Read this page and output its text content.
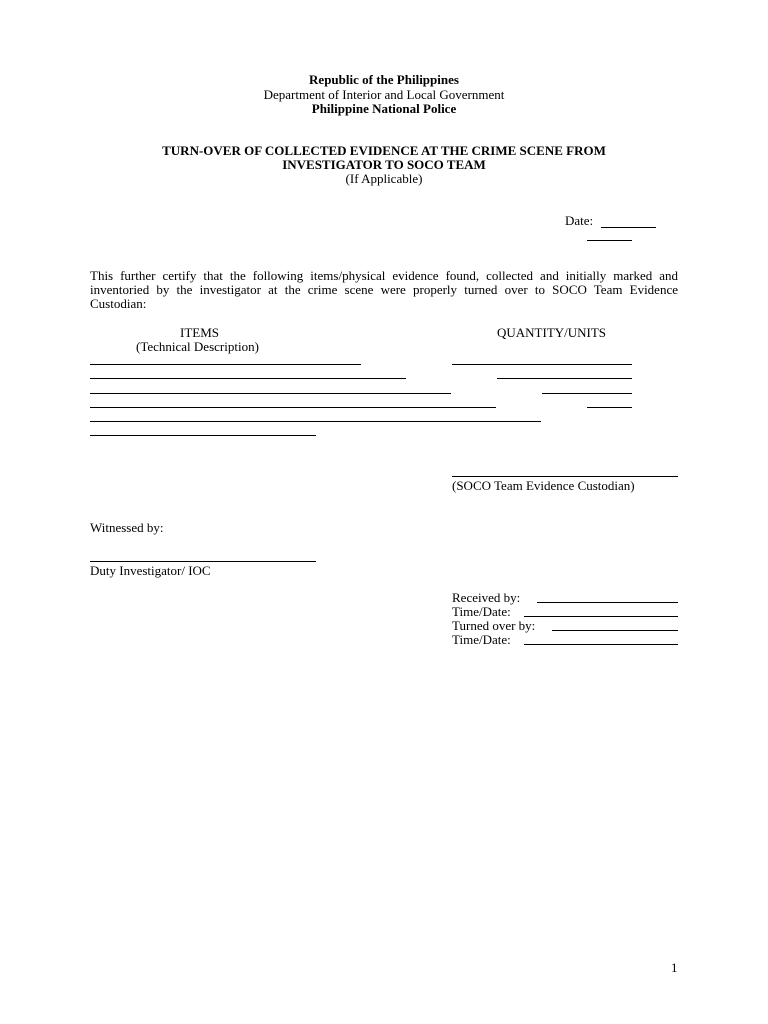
Republic of the Philippines
Department of Interior and Local Government
Philippine National Police
TURN-OVER OF COLLECTED EVIDENCE AT THE CRIME SCENE FROM
INVESTIGATOR TO SOCO TEAM
(If Applicable)
Date:
This further certify that the following items/physical evidence found, collected and initially marked and inventoried by the investigator at the crime scene were properly turned over to SOCO Team Evidence Custodian:
ITEMS
(Technical Description)
QUANTITY/UNITS
(SOCO Team Evidence Custodian)
Witnessed by:
Duty Investigator/ IOC
Received by:
Time/Date:
Turned over by:
Time/Date:
1
